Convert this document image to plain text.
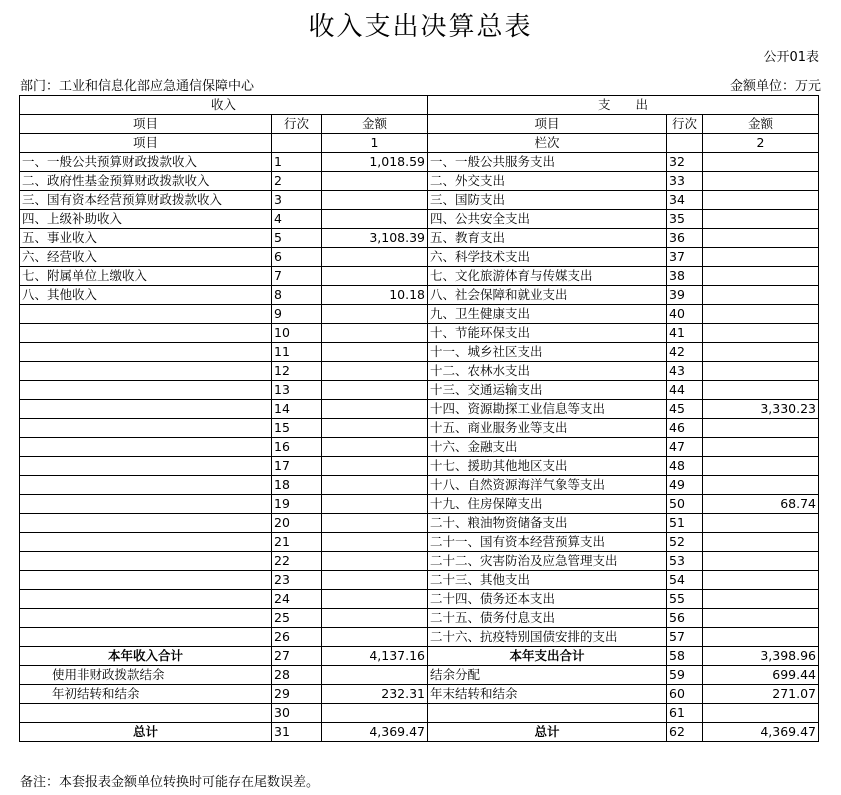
收入支出决算总表
公开01表
部门：工业和信息化部应急通信保障中心	金额单位：万元
收入			支　　出		
项目	行次	金额	项目	行次	金额
项目		1	栏次		2
一、一般公共预算财政拨款收入	1	1,018.59	一、一般公共服务支出	32	
二、政府性基金预算财政拨款收入	2		二、外交支出	33	
三、国有资本经营预算财政拨款收入	3		三、国防支出	34	
四、上级补助收入	4		四、公共安全支出	35	
五、事业收入	5	3,108.39	五、教育支出	36	
六、经营收入	6		六、科学技术支出	37	
七、附属单位上缴收入	7		七、文化旅游体育与传媒支出	38	
八、其他收入	8	10.18	八、社会保障和就业支出	39	
	9		九、卫生健康支出	40	
	10		十、节能环保支出	41	
	11		十一、城乡社区支出	42	
	12		十二、农林水支出	43	
	13		十三、交通运输支出	44	
	14		十四、资源勘探工业信息等支出	45	3,330.23
	15		十五、商业服务业等支出	46	
	16		十六、金融支出	47	
	17		十七、援助其他地区支出	48	
	18		十八、自然资源海洋气象等支出	49	
	19		十九、住房保障支出	50	68.74
	20		二十、粮油物资储备支出	51	
	21		二十一、国有资本经营预算支出	52	
	22		二十二、灾害防治及应急管理支出	53	
	23		二十三、其他支出	54	
	24		二十四、债务还本支出	55	
	25		二十五、债务付息支出	56	
	26		二十六、抗疫特别国债安排的支出	57	
本年收入合计	27	4,137.16	本年支出合计	58	3,398.96
使用非财政拨款结余	28		结余分配	59	699.44
年初结转和结余	29	232.31	年末结转和结余	60	271.07
	30			61	
总计	31	4,369.47	总计	62	4,369.47
备注：本套报表金额单位转换时可能存在尾数误差。
